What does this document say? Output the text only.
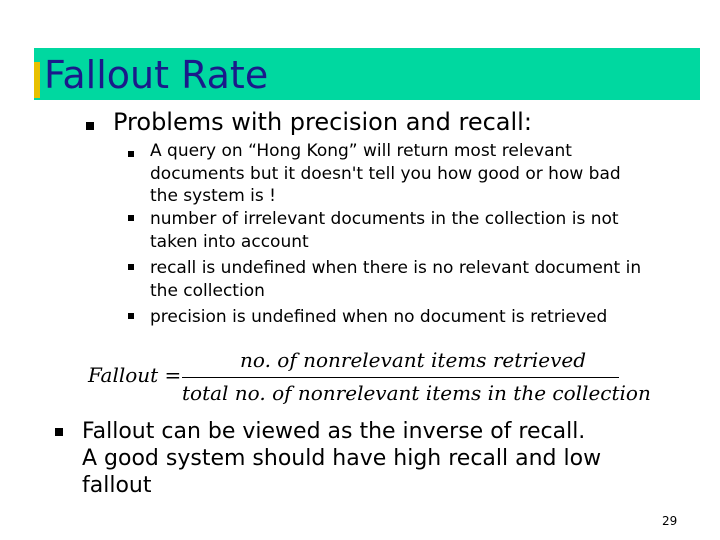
Fallout Rate
Problems with precision and recall:
A query on “Hong Kong” will return most relevant documents but it doesn't tell you how good or how bad the system is !
number of irrelevant documents in the collection is not taken into account
recall is undefined when there is no relevant document in the collection
precision is undefined when no document is retrieved
Fallout =
no. of nonrelevant items retrieved
total no. of nonrelevant items in the collection
Fallout can be viewed as the inverse of recall. A good system should have high recall and low fallout
29
